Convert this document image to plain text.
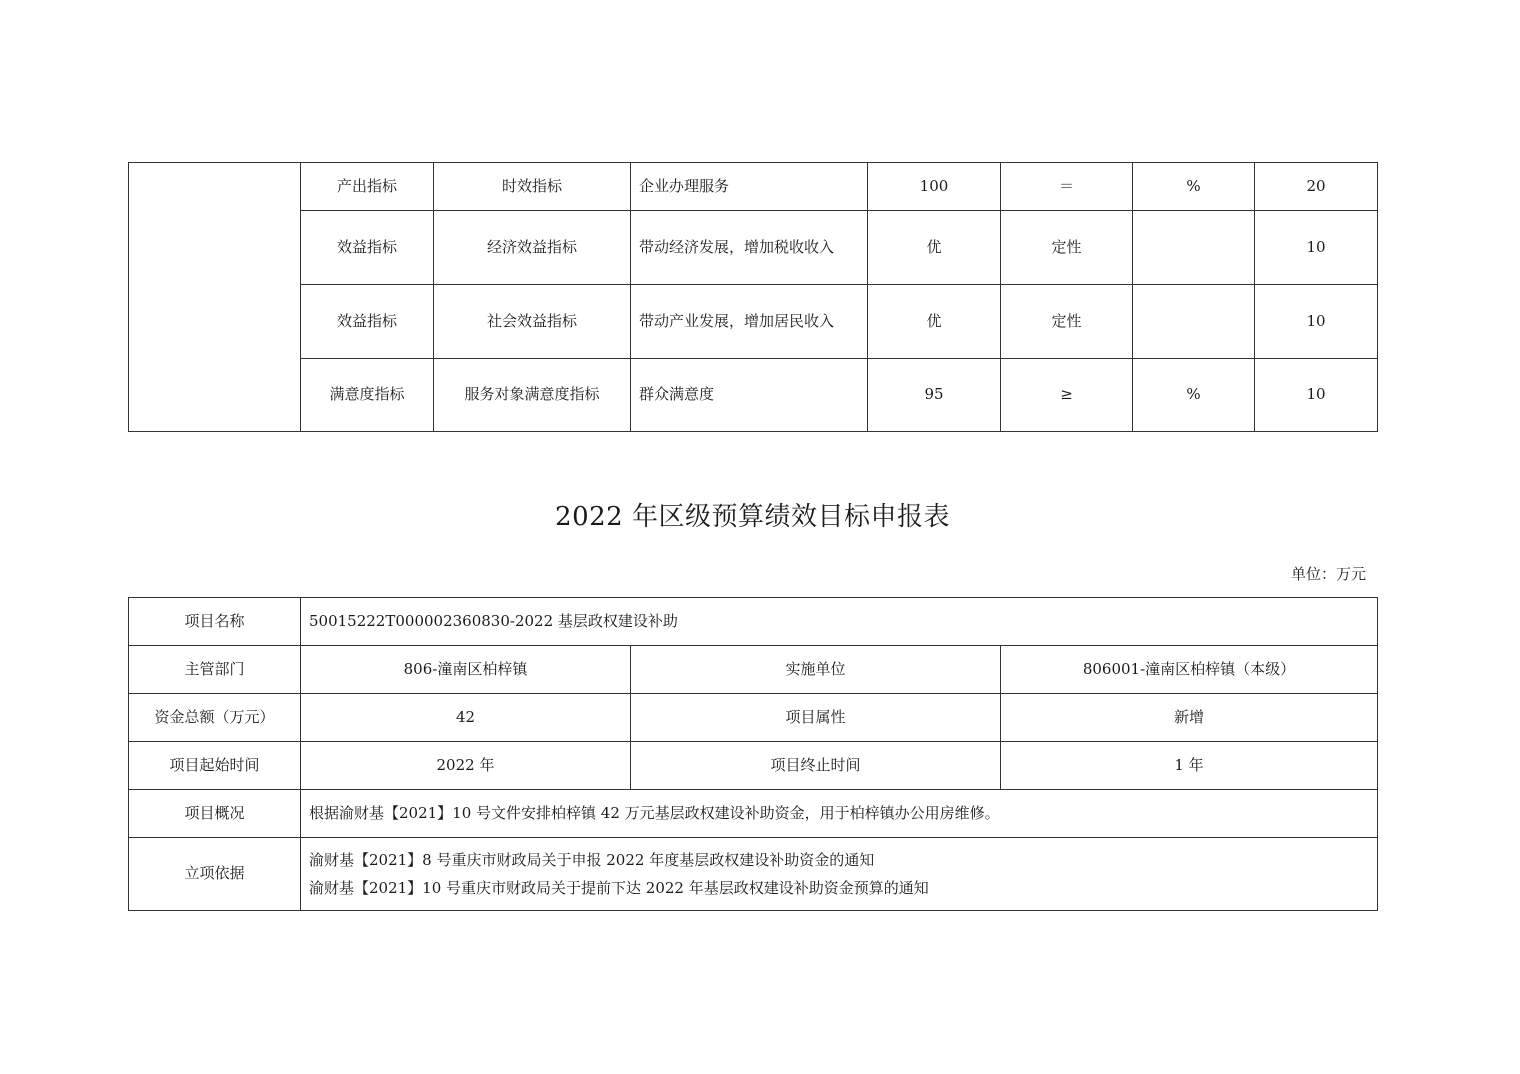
	产出指标	时效指标	企业办理服务	100	＝	%	20
	效益指标	经济效益指标	带动经济发展，增加税收收入	优	定性		10
	效益指标	社会效益指标	带动产业发展，增加居民收入	优	定性		10
	满意度指标	服务对象满意度指标	群众满意度	95	≥	%	10
2022 年区级预算绩效目标申报表
单位：万元
项目名称	50015222T000002360830-2022 基层政权建设补助		
主管部门	806-潼南区柏梓镇	实施单位	806001-潼南区柏梓镇（本级）
资金总额（万元）	42	项目属性	新增
项目起始时间	2022 年	项目终止时间	1 年
项目概况	根据渝财基【2021】10 号文件安排柏梓镇 42 万元基层政权建设补助资金，用于柏梓镇办公用房维修。		
立项依据	渝财基【2021】8 号重庆市财政局关于申报 2022 年度基层政权建设补助资金的通知
渝财基【2021】10 号重庆市财政局关于提前下达 2022 年基层政权建设补助资金预算的通知		
